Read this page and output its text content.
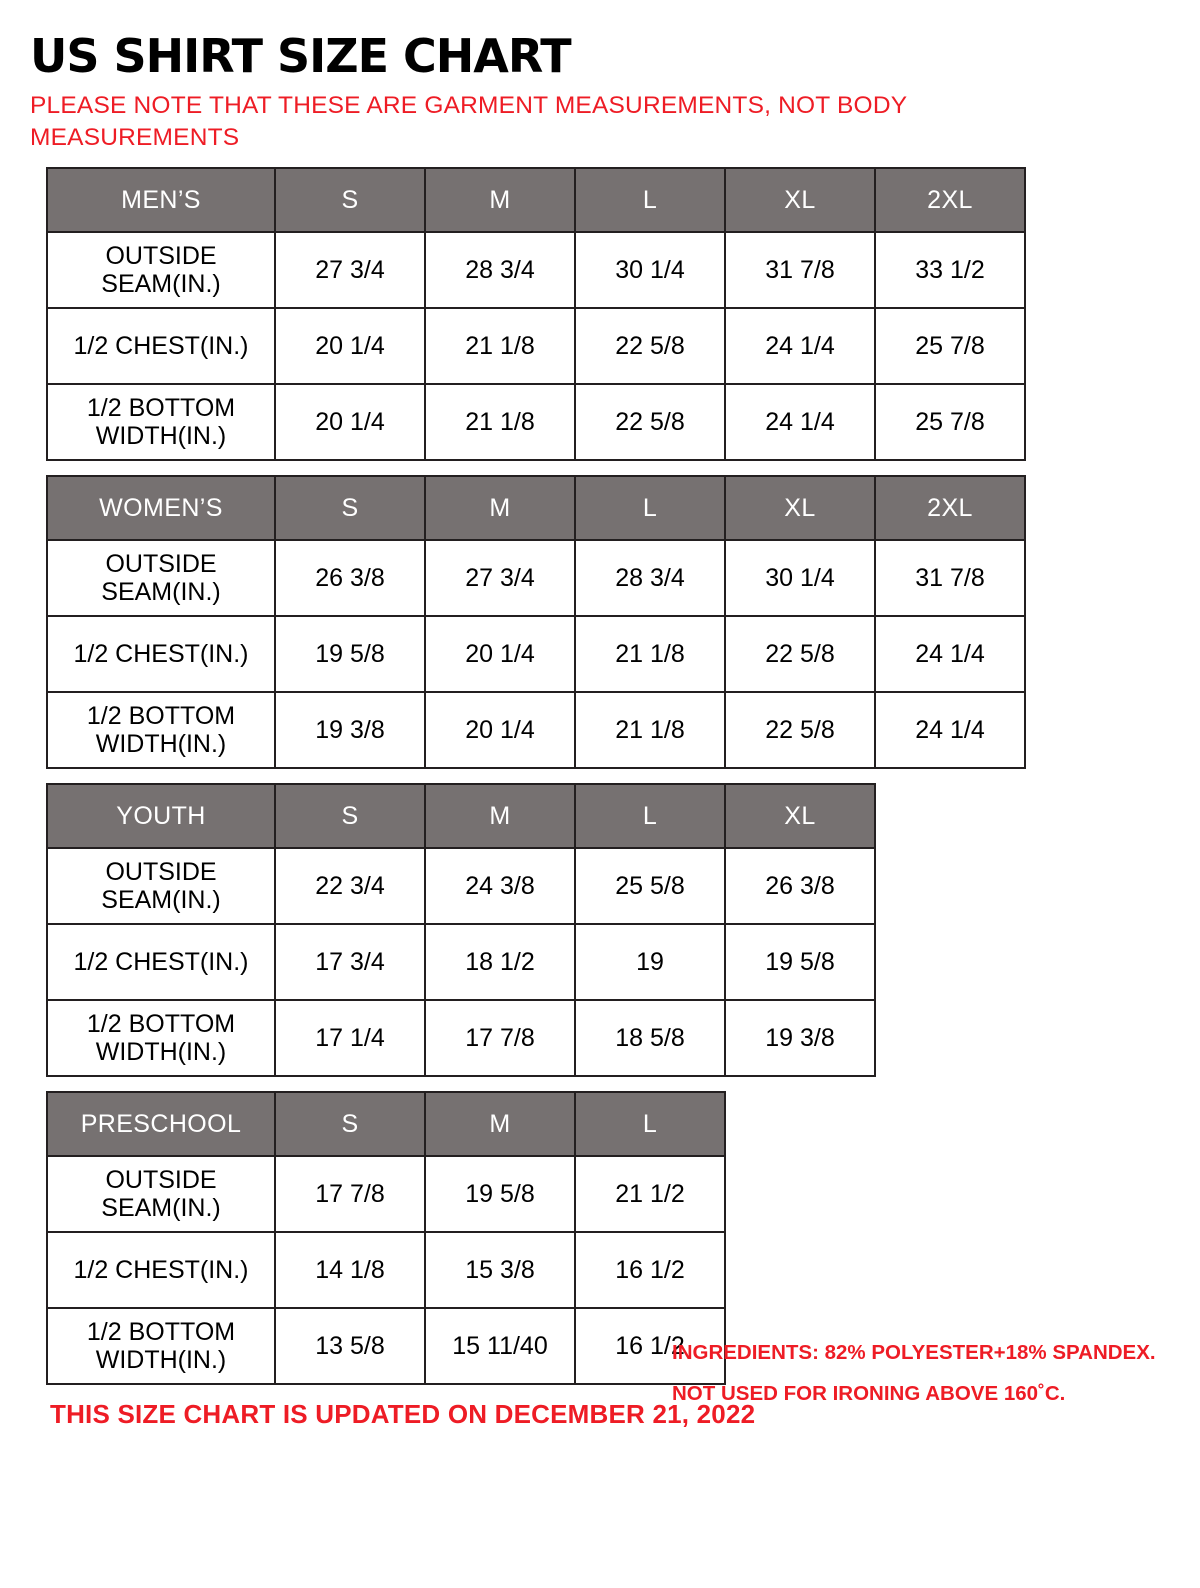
US SHIRT SIZE CHART

PLEASE NOTE THAT THESE ARE GARMENT MEASUREMENTS, NOT BODY MEASUREMENTS

MEN’S	S	M	L	XL	2XL
OUTSIDE SEAM(IN.)	27 3/4	28 3/4	30 1/4	31 7/8	33 1/2
1/2 CHEST(IN.)	20 1/4	21 1/8	22 5/8	24 1/4	25 7/8
1/2 BOTTOM WIDTH(IN.)	20 1/4	21 1/8	22 5/8	24 1/4	25 7/8
WOMEN’S	S	M	L	XL	2XL
OUTSIDE SEAM(IN.)	26 3/8	27 3/4	28 3/4	30 1/4	31 7/8
1/2 CHEST(IN.)	19 5/8	20 1/4	21 1/8	22 5/8	24 1/4
1/2 BOTTOM WIDTH(IN.)	19 3/8	20 1/4	21 1/8	22 5/8	24 1/4
YOUTH	S	M	L	XL
OUTSIDE SEAM(IN.)	22 3/4	24 3/8	25 5/8	26 3/8
1/2 CHEST(IN.)	17 3/4	18 1/2	19	19 5/8
1/2 BOTTOM WIDTH(IN.)	17 1/4	17 7/8	18 5/8	19 3/8
PRESCHOOL	S	M	L
OUTSIDE SEAM(IN.)	17 7/8	19 5/8	21 1/2
1/2 CHEST(IN.)	14 1/8	15 3/8	16 1/2
1/2 BOTTOM WIDTH(IN.)	13 5/8	15 11/40	16 1/2
THIS SIZE CHART IS UPDATED ON DECEMBER 21, 2022
INGREDIENTS: 82% POLYESTER+18% SPANDEX.
NOT USED FOR IRONING ABOVE 160˚C.
